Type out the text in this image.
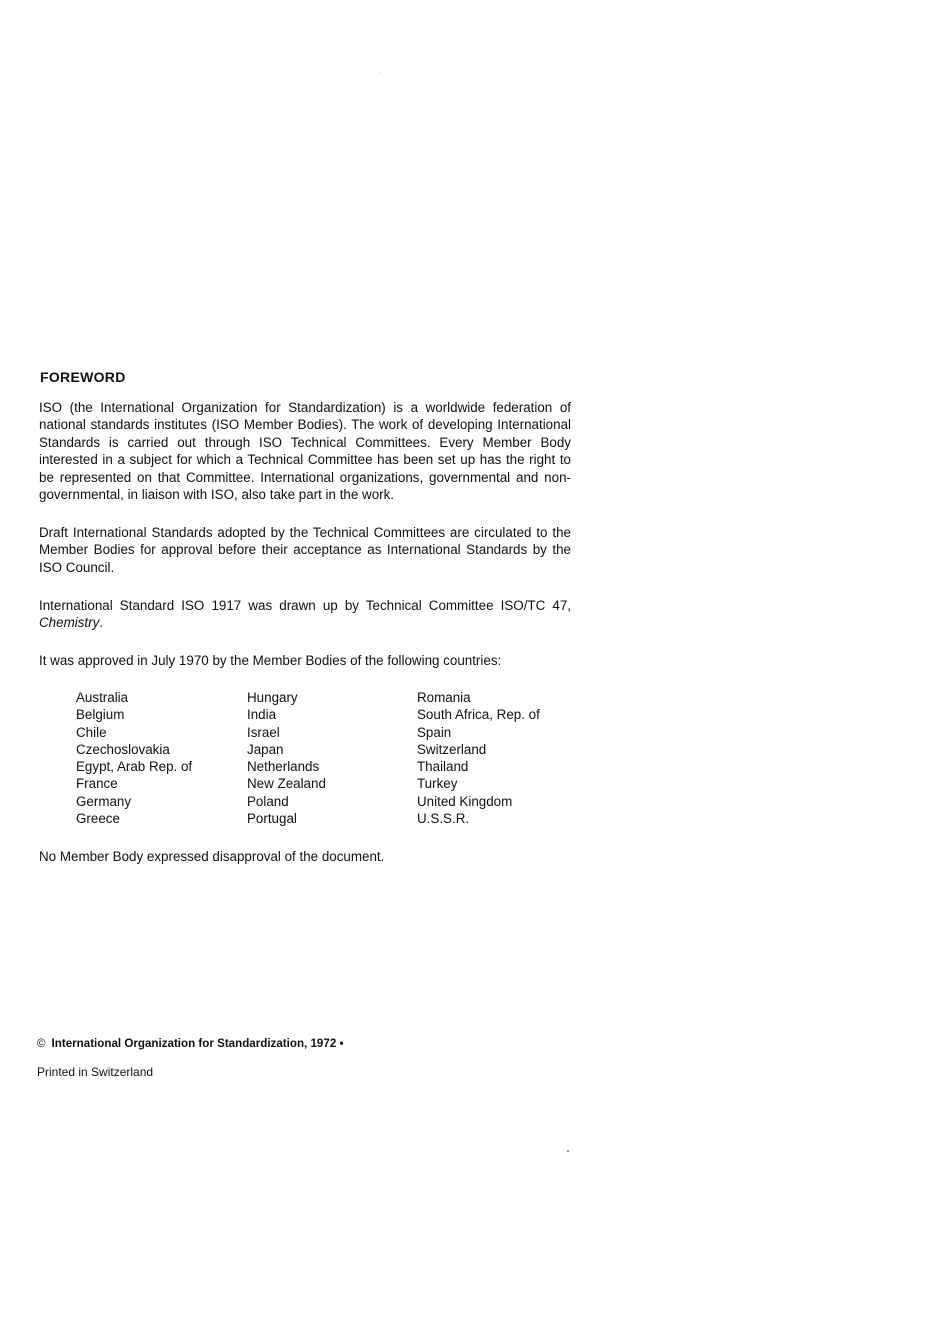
FOREWORD

ISO (the International Organization for Standardization) is a worldwide federation of national standards institutes (ISO Member Bodies). The work of developing International Standards is carried out through ISO Technical Committees. Every Member Body interested in a subject for which a Technical Committee has been set up has the right to be represented on that Committee. International organizations, governmental and non-governmental, in liaison with ISO, also take part in the work.

Draft International Standards adopted by the Technical Committees are circulated to the Member Bodies for approval before their acceptance as International Standards by the ISO Council.

International Standard ISO 1917 was drawn up by Technical Committee ISO/TC 47, Chemistry.

It was approved in July 1970 by the Member Bodies of the following countries:

Australia
Belgium
Chile
Czechoslovakia
Egypt, Arab Rep. of
France
Germany
Greece
Hungary
India
Israel
Japan
Netherlands
New Zealand
Poland
Portugal
Romania
South Africa, Rep. of
Spain
Switzerland
Thailand
Turkey
United Kingdom
U.S.S.R.

No Member Body expressed disapproval of the document.

© International Organization for Standardization, 1972 •
Printed in Switzerland
